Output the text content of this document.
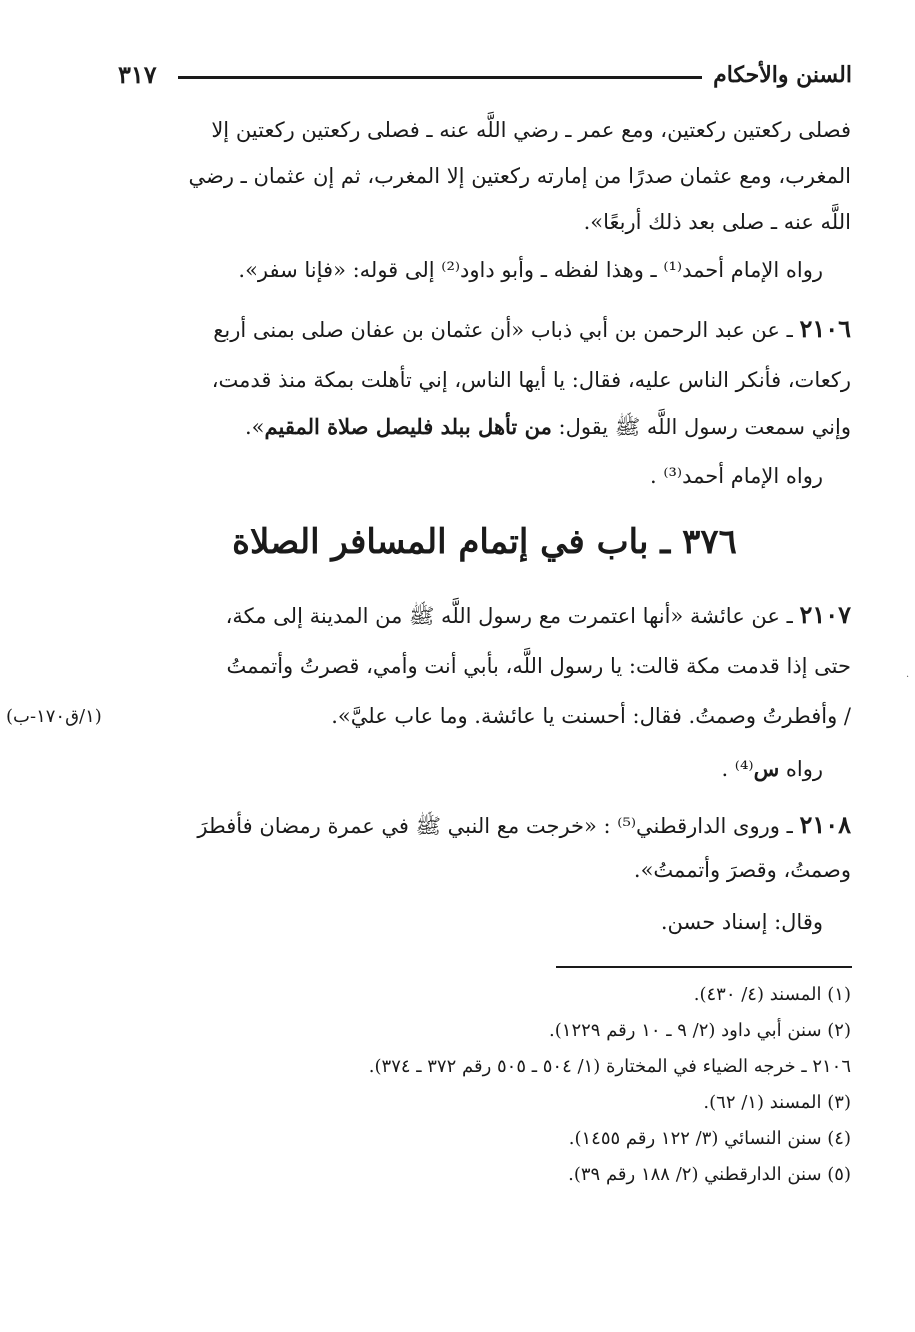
السنن والأحكام
٣١٧
فصلى ركعتين ركعتين، ومع عمر ـ رضي اللَّه عنه ـ فصلى ركعتين ركعتين إلا
المغرب، ومع عثمان صدرًا من إمارته ركعتين إلا المغرب، ثم إن عثمان ـ رضي
اللَّه عنه ـ صلى بعد ذلك أربعًا».
رواه الإمام أحمد⁽¹⁾ ـ وهذا لفظه ـ وأبو داود⁽²⁾ إلى قوله: «فإنا سفر».
٢١٠٦ ـ عن عبد الرحمن بن أبي ذباب «أن عثمان بن عفان صلى بمنى أربع
ركعات، فأنكر الناس عليه، فقال: يا أيها الناس، إني تأهلت بمكة منذ قدمت،
وإني سمعت رسول اللَّه ﷺ يقول: من تأهل ببلد فليصل صلاة المقيم».
رواه الإمام أحمد⁽³⁾ .
٣٧٦ ـ باب في إتمام المسافر الصلاة
٢١٠٧ ـ عن عائشة «أنها اعتمرت مع رسول اللَّه ﷺ من المدينة إلى مكة،
حتى إذا قدمت مكة قالت: يا رسول اللَّه، بأبي أنت وأمي، قصرتُ وأتممتُ
/ وأفطرتُ وصمتُ. فقال: أحسنت يا عائشة. وما عاب عليَّ».
(١/ق١٧٠-ب)
·
رواه س⁽⁴⁾ .
٢١٠٨ ـ وروى الدارقطني⁽⁵⁾ : «خرجت مع النبي ﷺ في عمرة رمضان فأفطرَ
وصمتُ، وقصرَ وأتممتُ».
وقال: إسناد حسن.
(١) المسند (٤/ ٤٣٠).
(٢) سنن أبي داود (٢/ ٩ ـ ١٠ رقم ١٢٢٩).
٢١٠٦ ـ خرجه الضياء في المختارة (١/ ٥٠٤ ـ ٥٠٥ رقم ٣٧٢ ـ ٣٧٤).
(٣) المسند (١/ ٦٢).
(٤) سنن النسائي (٣/ ١٢٢ رقم ١٤٥٥).
(٥) سنن الدارقطني (٢/ ١٨٨ رقم ٣٩).
